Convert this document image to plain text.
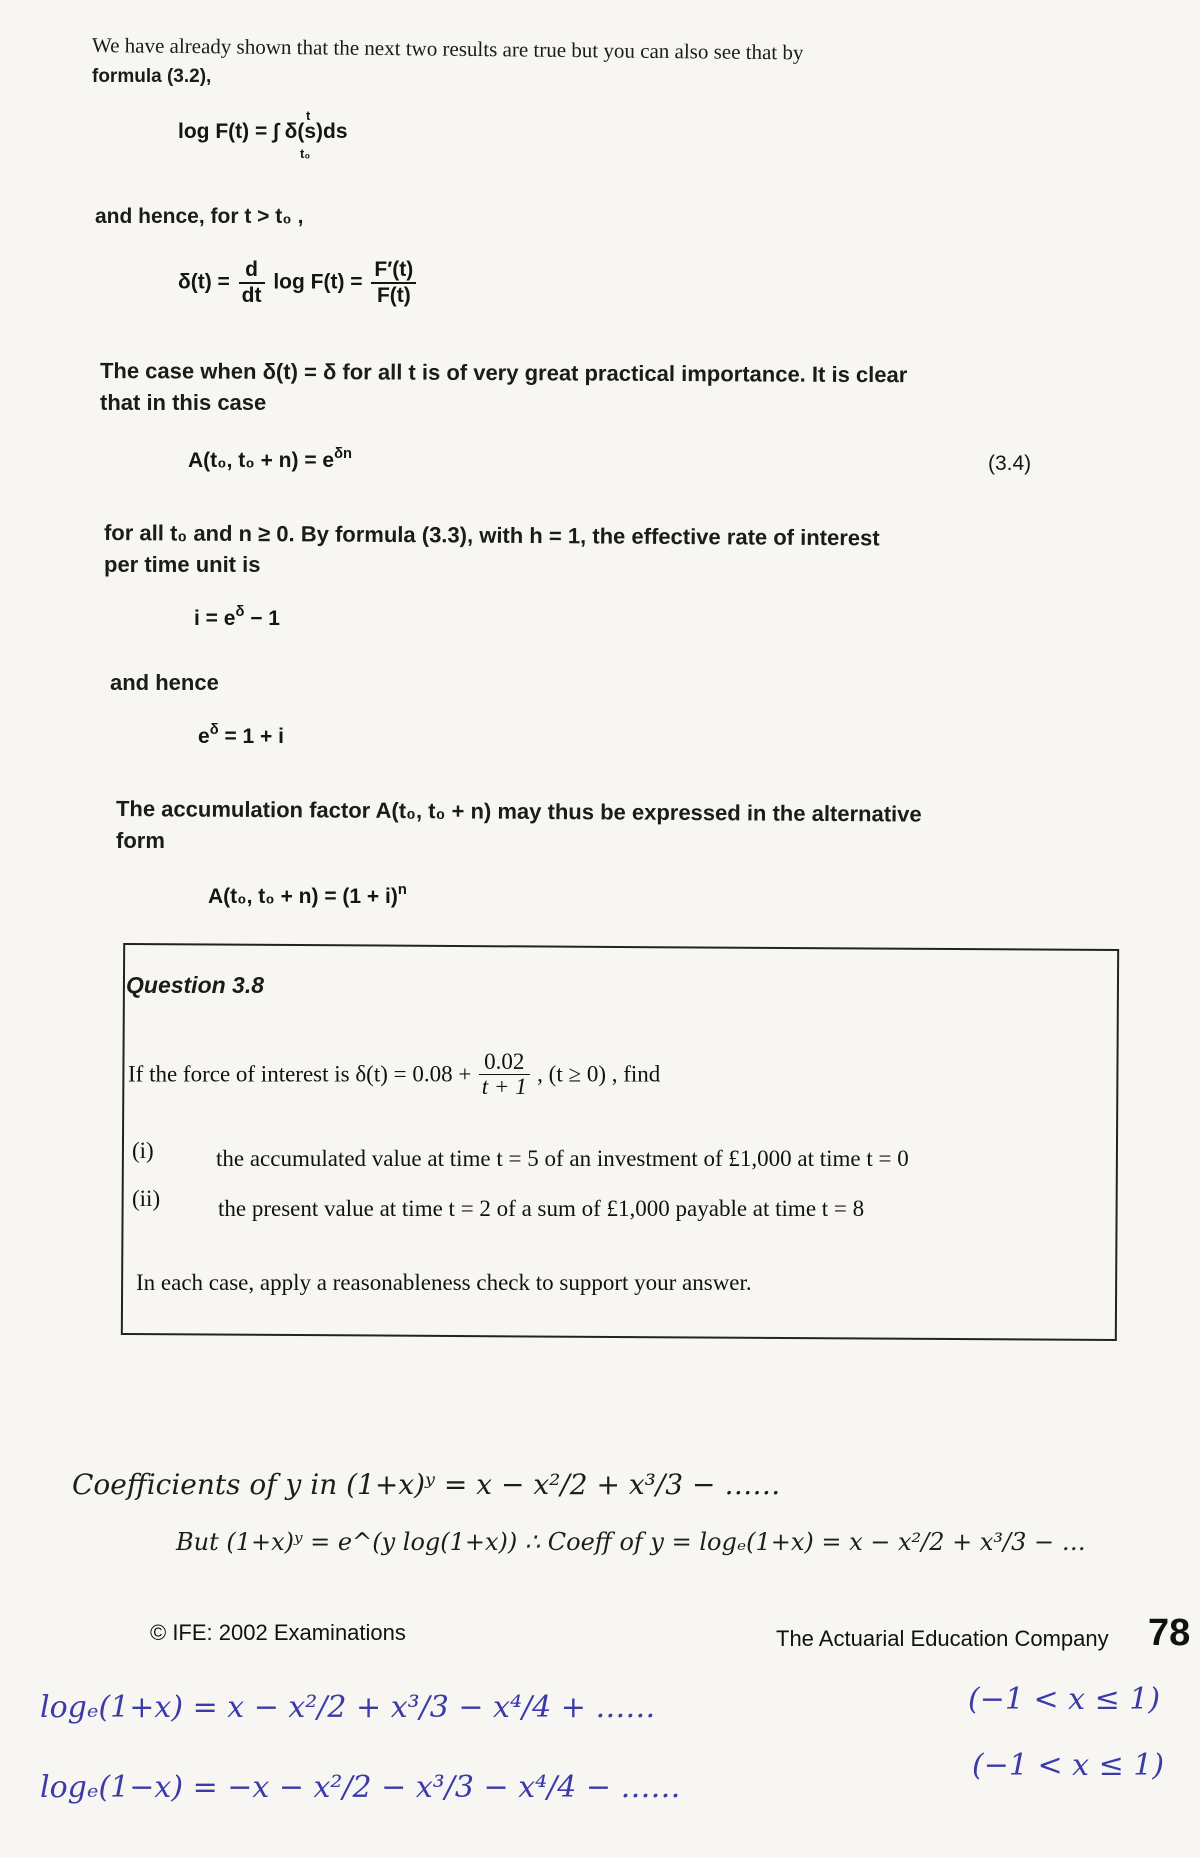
We have already shown that the next two results are true but you can also see that by
formula (3.2),
log F(t) = ∫ δ(s)ds
t
t₀
and hence, for t > t₀ ,
$\delta(t) = \frac{d}{dt}$ $\log F(t) = \frac{F'(t)}{F(t)}$
The case when δ(t) = δ for all t is of very great practical importance. It is clear
that in this case
A(t₀, $t_0 + n) = e^{\delta n}$	(3.4)
for all t₀ and n ≥ 0. By formula (3.3), with h = 1, the effective rate of interest
per time unit is
$i = e^\delta - 1$
and hence
$e^\delta = 1 + i$
The accumulation factor A(t₀, t₀ + n) may thus be expressed in the alternative
form
A(t₀, $t_0 + n) = (1 + i)^n$
Question 3.8
If the force of interest is $\delta(t) = 0.08 + \frac{0.02}{t + 1}$ , (t ≥ 0) , find
(i)	the accumulated value at time t = 5 of an investment of £1,000 at time t = 0
(ii)	the present value at time t = 2 of a sum of £1,000 payable at time t = 8
In each case, apply a reasonableness check to support your answer.
Coefficients of y in (1+x)ʸ = x − x²/2 + x³/3 − ……
But (1+x)ʸ = e^(y log(1+x)) ∴ Coeff of y = logₑ(1+x) = x − x²/2 + x³/3 − …
© IFE: 2002 Examinations	The Actuarial Education Company 78
logₑ(1+x) = x − x²/2 + x³/3 − x⁴/4 + ……
logₑ(1−x) = −x − x²/2 − x³/3 − x⁴/4 − ……
(−1 < x ≤ 1)
(−1 < x ≤ 1)
